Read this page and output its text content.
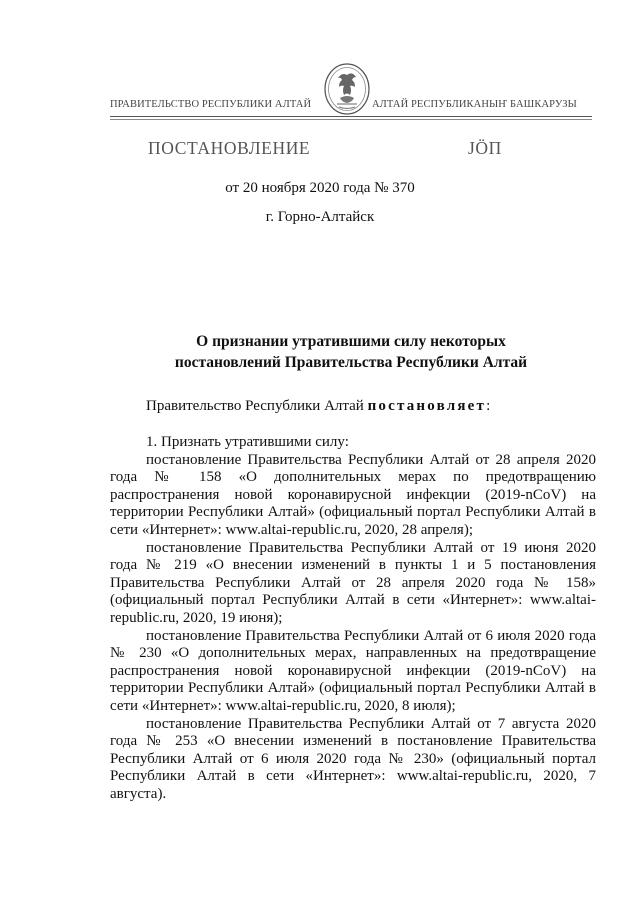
ПРАВИТЕЛЬСТВО РЕСПУБЛИКИ АЛТАЙ	АЛТАЙ РЕСПУБЛИКАНЫҤ БАШКАРУЗЫ
ПОСТАНОВЛЕНИЕ	ЈӦП
от 20 ноября 2020 года № 370
г. Горно-Алтайск
О признании утратившими силу некоторых
постановлений Правительства Республики Алтай
Правительство Республики Алтай постановляет:

1. Признать утратившими силу:

постановление Правительства Республики Алтай от 28 апреля 2020 года № 158 «О дополнительных мерах по предотвращению распространения новой коронавирусной инфекции (2019-nCoV) на территории Республики Алтай» (официальный портал Республики Алтай в сети «Интернет»: www.altai-republic.ru, 2020, 28 апреля);

постановление Правительства Республики Алтай от 19 июня 2020 года № 219 «О внесении изменений в пункты 1 и 5 постановления Правительства Республики Алтай от 28 апреля 2020 года № 158» (официальный портал Республики Алтай в сети «Интернет»: www.altai-republic.ru, 2020, 19 июня);

постановление Правительства Республики Алтай от 6 июля 2020 года № 230 «О дополнительных мерах, направленных на предотвращение распространения новой коронавирусной инфекции (2019-nCoV) на территории Республики Алтай» (официальный портал Республики Алтай в сети «Интернет»: www.altai-republic.ru, 2020, 8 июля);

постановление Правительства Республики Алтай от 7 августа 2020 года № 253 «О внесении изменений в постановление Правительства Республики Алтай от 6 июля 2020 года № 230» (официальный портал Республики Алтай в сети «Интернет»: www.altai-republic.ru, 2020, 7 августа).
